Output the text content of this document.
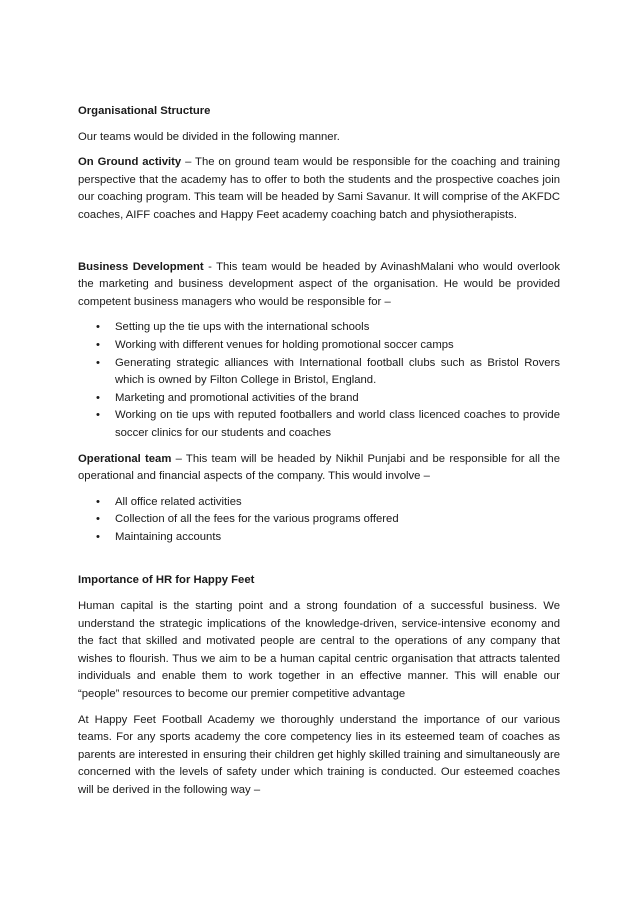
Organisational Structure

Our teams would be divided in the following manner.

On Ground activity – The on ground team would be responsible for the coaching and training perspective that the academy has to offer to both the students and the prospective coaches join our coaching program. This team will be headed by Sami Savanur. It will comprise of the AKFDC coaches, AIFF coaches and Happy Feet academy coaching batch and physiotherapists.

Business Development - This team would be headed by AvinashMalani who would overlook the marketing and business development aspect of the organisation. He would be provided competent business managers who would be responsible for –

• Setting up the tie ups with the international schools
• Working with different venues for holding promotional soccer camps
• Generating strategic alliances with International football clubs such as Bristol Rovers which is owned by Filton College in Bristol, England.
• Marketing and promotional activities of the brand
• Working on tie ups with reputed footballers and world class licenced coaches to provide soccer clinics for our students and coaches

Operational team – This team will be headed by Nikhil Punjabi and be responsible for all the operational and financial aspects of the company. This would involve –

• All office related activities
• Collection of all the fees for the various programs offered
• Maintaining accounts
Importance of HR for Happy Feet

Human capital is the starting point and a strong foundation of a successful business. We understand the strategic implications of the knowledge-driven, service-intensive economy and the fact that skilled and motivated people are central to the operations of any company that wishes to flourish. Thus we aim to be a human capital centric organisation that attracts talented individuals and enable them to work together in an effective manner. This will enable our “people” resources to become our premier competitive advantage

At Happy Feet Football Academy we thoroughly understand the importance of our various teams. For any sports academy the core competency lies in its esteemed team of coaches as parents are interested in ensuring their children get highly skilled training and simultaneously are concerned with the levels of safety under which training is conducted. Our esteemed coaches will be derived in the following way –
